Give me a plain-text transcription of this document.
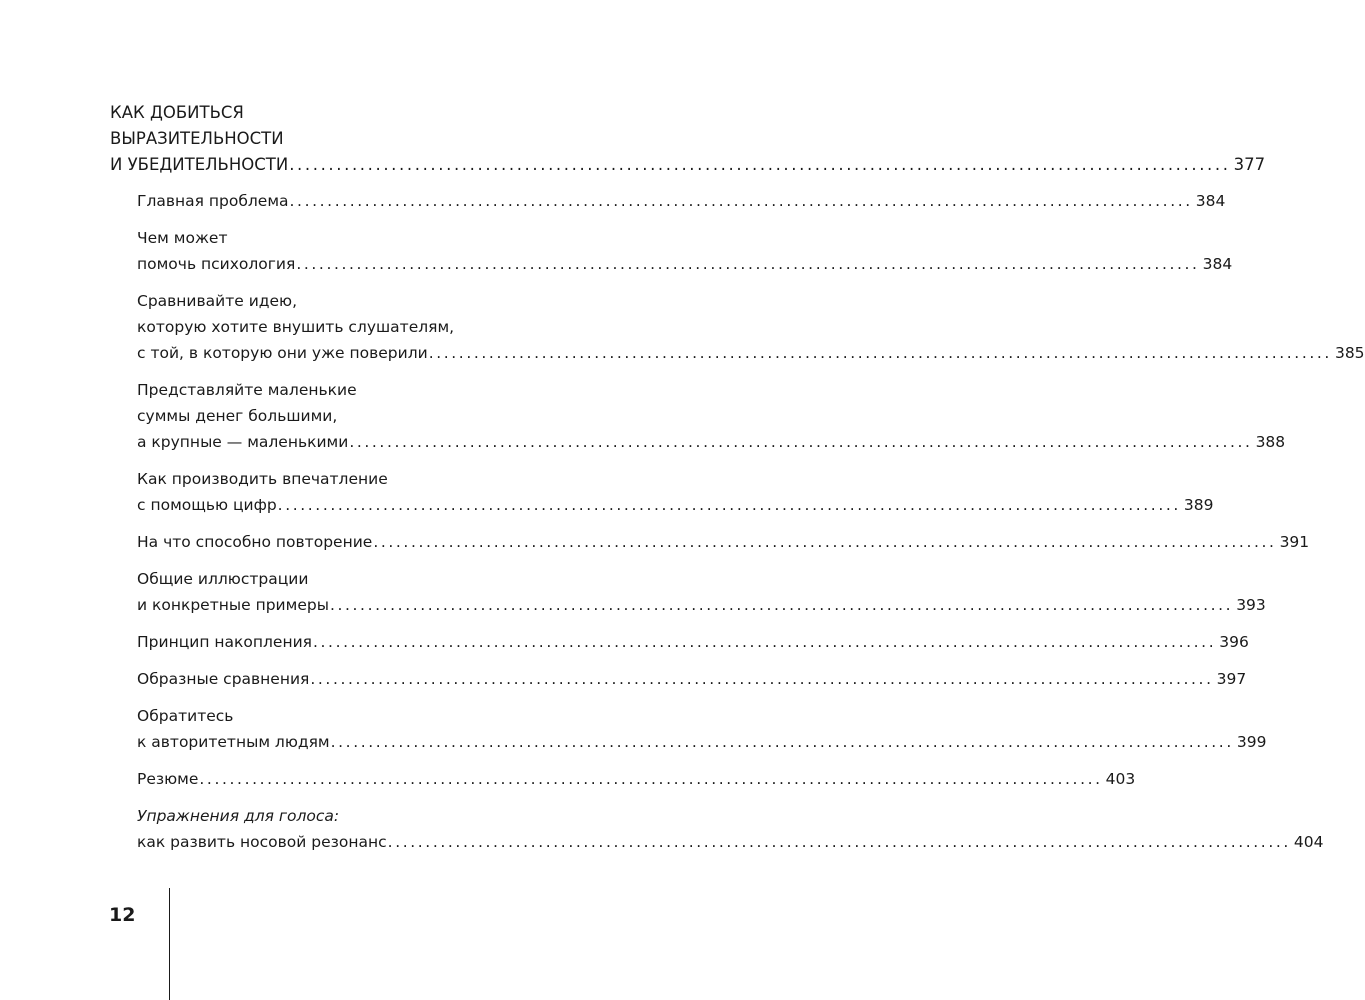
КАК ДОБИТЬСЯ
ВЫРАЗИТЕЛЬНОСТИ
И УБЕДИТЕЛЬНОСТИ ........................................................................................................................ 377
Главная проблема ........................................................................................................................ 384
Чем может
помочь психология ........................................................................................................................ 384
Сравнивайте идею,
которую хотите внушить слушателям,
с той, в которую они уже поверили ........................................................................................................................ 385
Представляйте маленькие
суммы денег большими,
а крупные — маленькими ........................................................................................................................ 388
Как производить впечатление
с помощью цифр ........................................................................................................................ 389
На что способно повторение ........................................................................................................................ 391
Общие иллюстрации
и конкретные примеры ........................................................................................................................ 393
Принцип накопления ........................................................................................................................ 396
Образные сравнения ........................................................................................................................ 397
Обратитесь
к авторитетным людям ........................................................................................................................ 399
Резюме ........................................................................................................................ 403
Упражнения для голоса:
как развить носовой резонанс ........................................................................................................................ 404
12
